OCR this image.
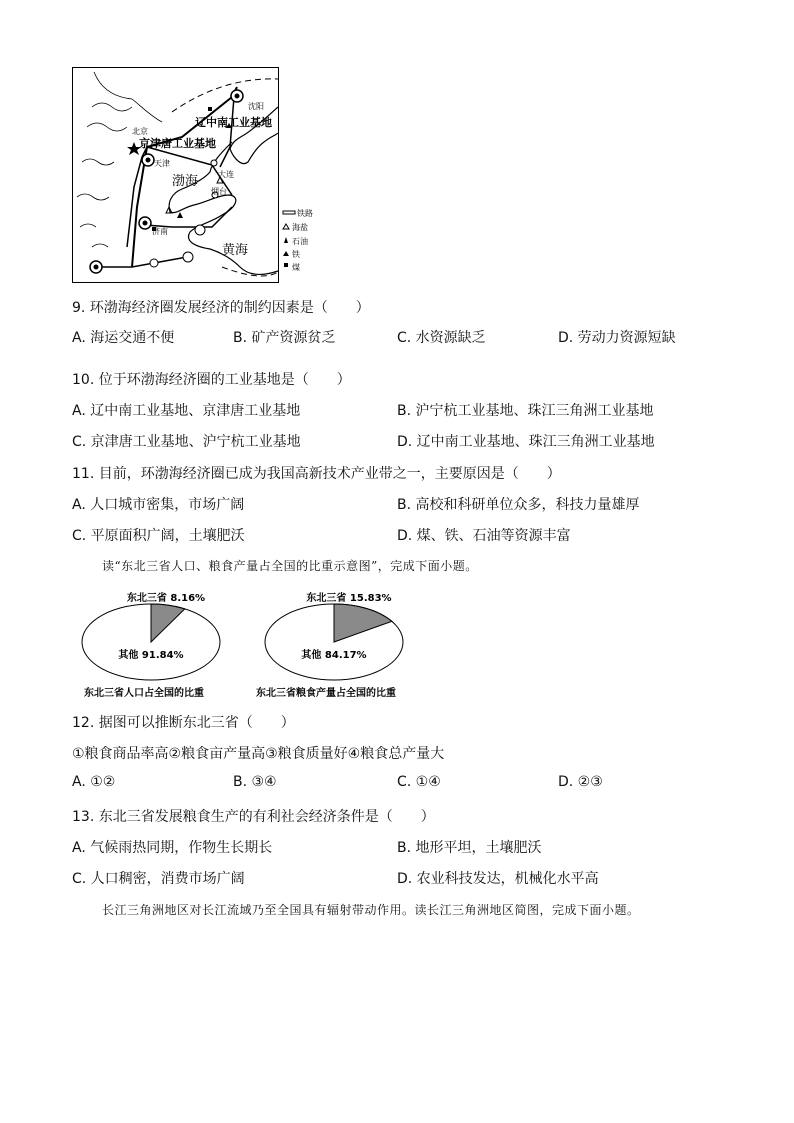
沈阳
辽中南工业基地
北京
京津唐工业基地
天津
渤海 大连
烟台
济南
黄海
铁路
海盐
石油
铁
煤
9. 环渤海经济圈发展经济的制约因素是（　　）
A. 海运交通不便	B. 矿产资源贫乏	C. 水资源缺乏	D. 劳动力资源短缺
10. 位于环渤海经济圈的工业基地是（　　）
A. 辽中南工业基地、京津唐工业基地	B. 沪宁杭工业基地、珠江三角洲工业基地
C. 京津唐工业基地、沪宁杭工业基地	D. 辽中南工业基地、珠江三角洲工业基地
11. 目前，环渤海经济圈已成为我国高新技术产业带之一，主要原因是（　　）
A. 人口城市密集，市场广阔	B. 高校和科研单位众多，科技力量雄厚
C. 平原面积广阔，土壤肥沃	D. 煤、铁、石油等资源丰富
读“东北三省人口、粮食产量占全国的比重示意图”，完成下面小题。
东北三省 8.16%
其他 91.84%
东北三省人口占全国的比重
东北三省 15.83%
其他 84.17%
东北三省粮食产量占全国的比重
12. 据图可以推断东北三省（　　）
①粮食商品率高②粮食亩产量高③粮食质量好④粮食总产量大
A. ①②	B. ③④	C. ①④	D. ②③
13. 东北三省发展粮食生产的有利社会经济条件是（　　）
A. 气候雨热同期，作物生长期长	B. 地形平坦，土壤肥沃
C. 人口稠密，消费市场广阔	D. 农业科技发达，机械化水平高
长江三角洲地区对长江流域乃至全国具有辐射带动作用。读长江三角洲地区简图，完成下面小题。
